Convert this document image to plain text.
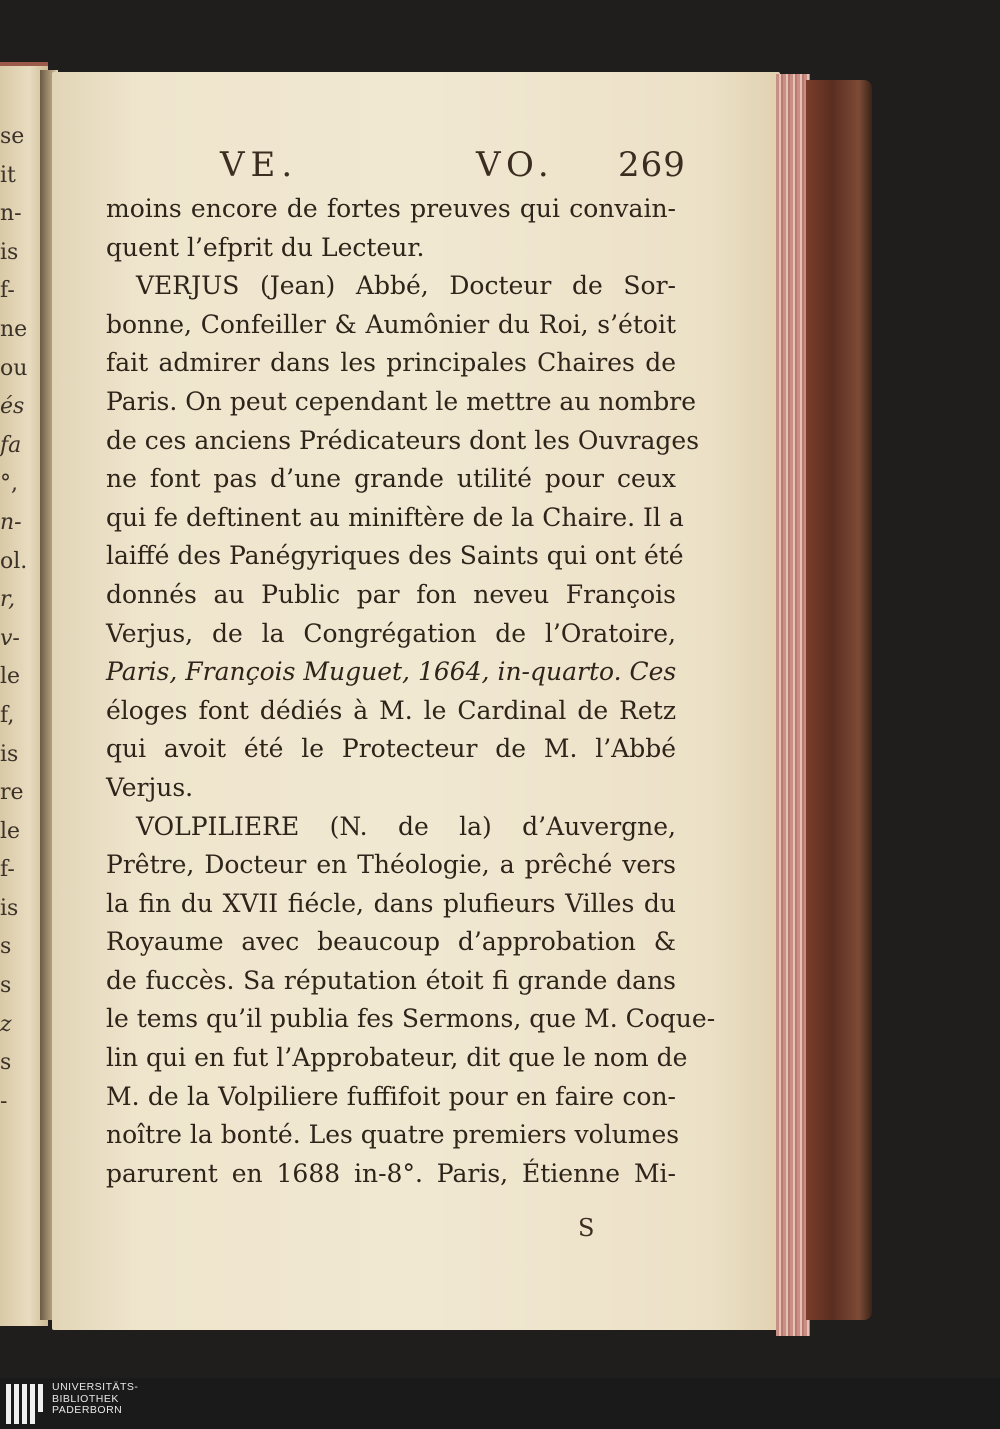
se
it
n-
is
f-
ne
ou
és
fa
°,
n-
ol.
r,
v-
le
f,
is
re
le
f-
is
s
s
z
s
-
VE.	VO. 269
moins encore de fortes preuves qui convain-
quent l’efprit du Lecteur.
VERJUS (Jean) Abbé, Docteur de Sor-
bonne, Confeiller & Aumônier du Roi, s’étoit
fait admirer dans les principales Chaires de
Paris. On peut cependant le mettre au nombre
de ces anciens Prédicateurs dont les Ouvrages
ne font pas d’une grande utilité pour ceux
qui fe deftinent au miniftère de la Chaire. Il a
laiffé des Panégyriques des Saints qui ont été
donnés au Public par fon neveu François
Verjus, de la Congrégation de l’Oratoire,
Paris, François Muguet, 1664, in-quarto. Ces
éloges font dédiés à M. le Cardinal de Retz
qui avoit été le Protecteur de M. l’Abbé
Verjus.
VOLPILIERE (N. de la) d’Auvergne,
Prêtre, Docteur en Théologie, a prêché vers
la fin du XVII fiécle, dans plufieurs Villes du
Royaume avec beaucoup d’approbation &
de fuccès. Sa réputation étoit fi grande dans
le tems qu’il publia fes Sermons, que M. Coque-
lin qui en fut l’Approbateur, dit que le nom de
M. de la Volpiliere fuffifoit pour en faire con-
noître la bonté. Les quatre premiers volumes
parurent en 1688 in-8°. Paris, Étienne Mi-
S
UNIVERSITÄTS-
BIBLIOTHEK
PADERBORN
